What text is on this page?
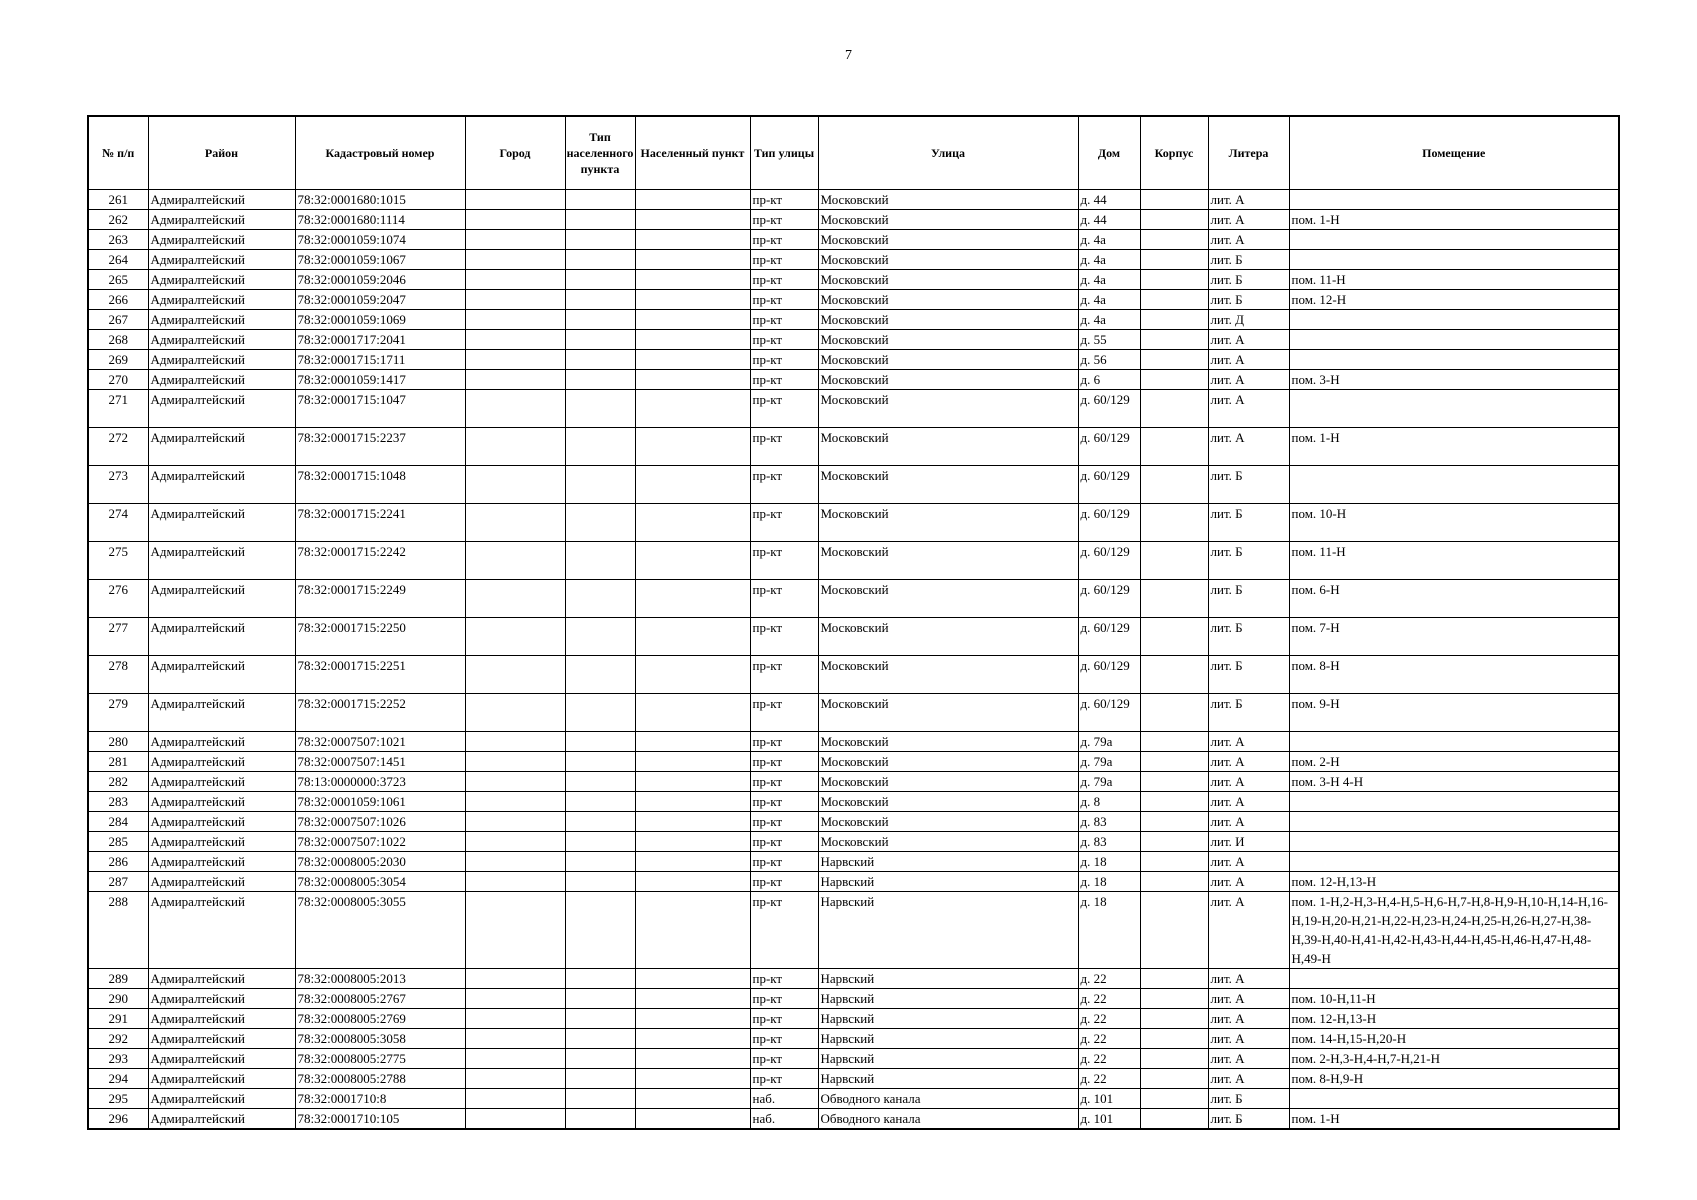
7
№ п/п	Район	Кадастровый номер	Город	Тип населенного пункта	Населенный пункт	Тип улицы	Улица	Дом	Корпус	Литера	Помещение
261	Адмиралтейский	78:32:0001680:1015				пр-кт	Московский	д. 44		лит. А	
262	Адмиралтейский	78:32:0001680:1114				пр-кт	Московский	д. 44		лит. А	пом. 1-Н
263	Адмиралтейский	78:32:0001059:1074				пр-кт	Московский	д. 4а		лит. А	
264	Адмиралтейский	78:32:0001059:1067				пр-кт	Московский	д. 4а		лит. Б	
265	Адмиралтейский	78:32:0001059:2046				пр-кт	Московский	д. 4а		лит. Б	пом. 11-Н
266	Адмиралтейский	78:32:0001059:2047				пр-кт	Московский	д. 4а		лит. Б	пом. 12-Н
267	Адмиралтейский	78:32:0001059:1069				пр-кт	Московский	д. 4а		лит. Д	
268	Адмиралтейский	78:32:0001717:2041				пр-кт	Московский	д. 55		лит. А	
269	Адмиралтейский	78:32:0001715:1711				пр-кт	Московский	д. 56		лит. А	
270	Адмиралтейский	78:32:0001059:1417				пр-кт	Московский	д. 6		лит. А	пом. 3-Н
271	Адмиралтейский	78:32:0001715:1047				пр-кт	Московский	д. 60/129		лит. А	
272	Адмиралтейский	78:32:0001715:2237				пр-кт	Московский	д. 60/129		лит. А	пом. 1-Н
273	Адмиралтейский	78:32:0001715:1048				пр-кт	Московский	д. 60/129		лит. Б	
274	Адмиралтейский	78:32:0001715:2241				пр-кт	Московский	д. 60/129		лит. Б	пом. 10-Н
275	Адмиралтейский	78:32:0001715:2242				пр-кт	Московский	д. 60/129		лит. Б	пом. 11-Н
276	Адмиралтейский	78:32:0001715:2249				пр-кт	Московский	д. 60/129		лит. Б	пом. 6-Н
277	Адмиралтейский	78:32:0001715:2250				пр-кт	Московский	д. 60/129		лит. Б	пом. 7-Н
278	Адмиралтейский	78:32:0001715:2251				пр-кт	Московский	д. 60/129		лит. Б	пом. 8-Н
279	Адмиралтейский	78:32:0001715:2252				пр-кт	Московский	д. 60/129		лит. Б	пом. 9-Н
280	Адмиралтейский	78:32:0007507:1021				пр-кт	Московский	д. 79а		лит. А	
281	Адмиралтейский	78:32:0007507:1451				пр-кт	Московский	д. 79а		лит. А	пом. 2-Н
282	Адмиралтейский	78:13:0000000:3723				пр-кт	Московский	д. 79а		лит. А	пом. 3-Н 4-Н
283	Адмиралтейский	78:32:0001059:1061				пр-кт	Московский	д. 8		лит. А	
284	Адмиралтейский	78:32:0007507:1026				пр-кт	Московский	д. 83		лит. А	
285	Адмиралтейский	78:32:0007507:1022				пр-кт	Московский	д. 83		лит. И	
286	Адмиралтейский	78:32:0008005:2030				пр-кт	Нарвский	д. 18		лит. А	
287	Адмиралтейский	78:32:0008005:3054				пр-кт	Нарвский	д. 18		лит. А	пом. 12-Н,13-Н
288	Адмиралтейский	78:32:0008005:3055				пр-кт	Нарвский	д. 18		лит. А	пом. 1-Н,2-Н,3-Н,4-Н,5-Н,6-Н,7-Н,8-Н,9-Н,10-Н,14-Н,16-Н,19-Н,20-Н,21-Н,22-Н,23-Н,24-Н,25-Н,26-Н,27-Н,38-Н,39-Н,40-Н,41-Н,42-Н,43-Н,44-Н,45-Н,46-Н,47-Н,48-Н,49-Н
289	Адмиралтейский	78:32:0008005:2013				пр-кт	Нарвский	д. 22		лит. А	
290	Адмиралтейский	78:32:0008005:2767				пр-кт	Нарвский	д. 22		лит. А	пом. 10-Н,11-Н
291	Адмиралтейский	78:32:0008005:2769				пр-кт	Нарвский	д. 22		лит. А	пом. 12-Н,13-Н
292	Адмиралтейский	78:32:0008005:3058				пр-кт	Нарвский	д. 22		лит. А	пом. 14-Н,15-Н,20-Н
293	Адмиралтейский	78:32:0008005:2775				пр-кт	Нарвский	д. 22		лит. А	пом. 2-Н,3-Н,4-Н,7-Н,21-Н
294	Адмиралтейский	78:32:0008005:2788				пр-кт	Нарвский	д. 22		лит. А	пом. 8-Н,9-Н
295	Адмиралтейский	78:32:0001710:8				наб.	Обводного канала	д. 101		лит. Б	
296	Адмиралтейский	78:32:0001710:105				наб.	Обводного канала	д. 101		лит. Б	пом. 1-Н
